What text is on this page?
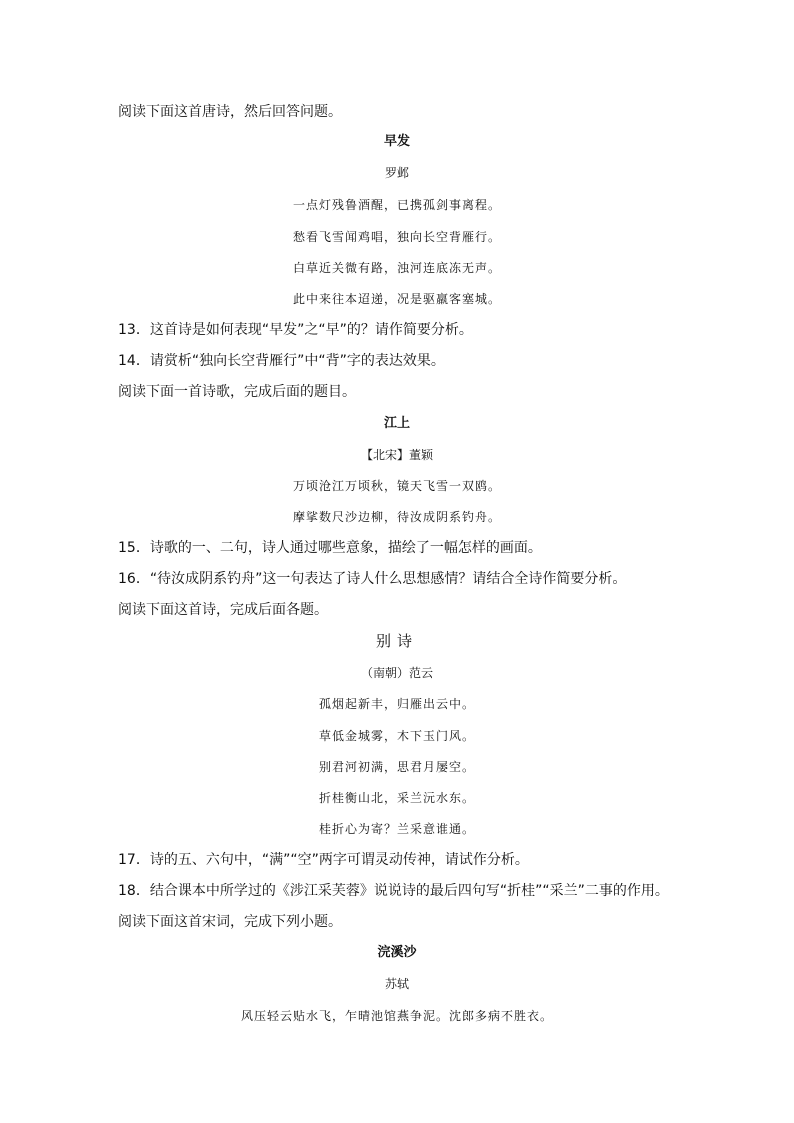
阅读下面这首唐诗，然后回答问题。
早发
罗邺
一点灯残鲁酒醒，已携孤剑事离程。
愁看飞雪闻鸡唱，独向长空背雁行。
白草近关微有路，浊河连底冻无声。
此中来往本迢递，况是驱羸客塞城。
13．这首诗是如何表现“早发”之“早”的？请作简要分析。
14．请赏析“独向长空背雁行”中“背”字的表达效果。
阅读下面一首诗歌，完成后面的题目。
江上
【北宋】董颖
万顷沧江万顷秋，镜天飞雪一双鸥。
摩挲数尺沙边柳，待汝成阴系钓舟。
15．诗歌的一、二句，诗人通过哪些意象，描绘了一幅怎样的画面。
16．“待汝成阴系钓舟”这一句表达了诗人什么思想感情？请结合全诗作简要分析。
阅读下面这首诗，完成后面各题。
别诗
（南朝）范云
孤烟起新丰，归雁出云中。
草低金城雾，木下玉门风。
别君河初满，思君月屡空。
折桂衡山北，采兰沅水东。
桂折心为寄？兰采意谁通。
17．诗的五、六句中，“满”“空”两字可谓灵动传神，请试作分析。
18．结合课本中所学过的《涉江采芙蓉》说说诗的最后四句写“折桂”“采兰”二事的作用。
阅读下面这首宋词，完成下列小题。
浣溪沙
苏轼
风压轻云贴水飞，乍晴池馆燕争泥。沈郎多病不胜衣。
